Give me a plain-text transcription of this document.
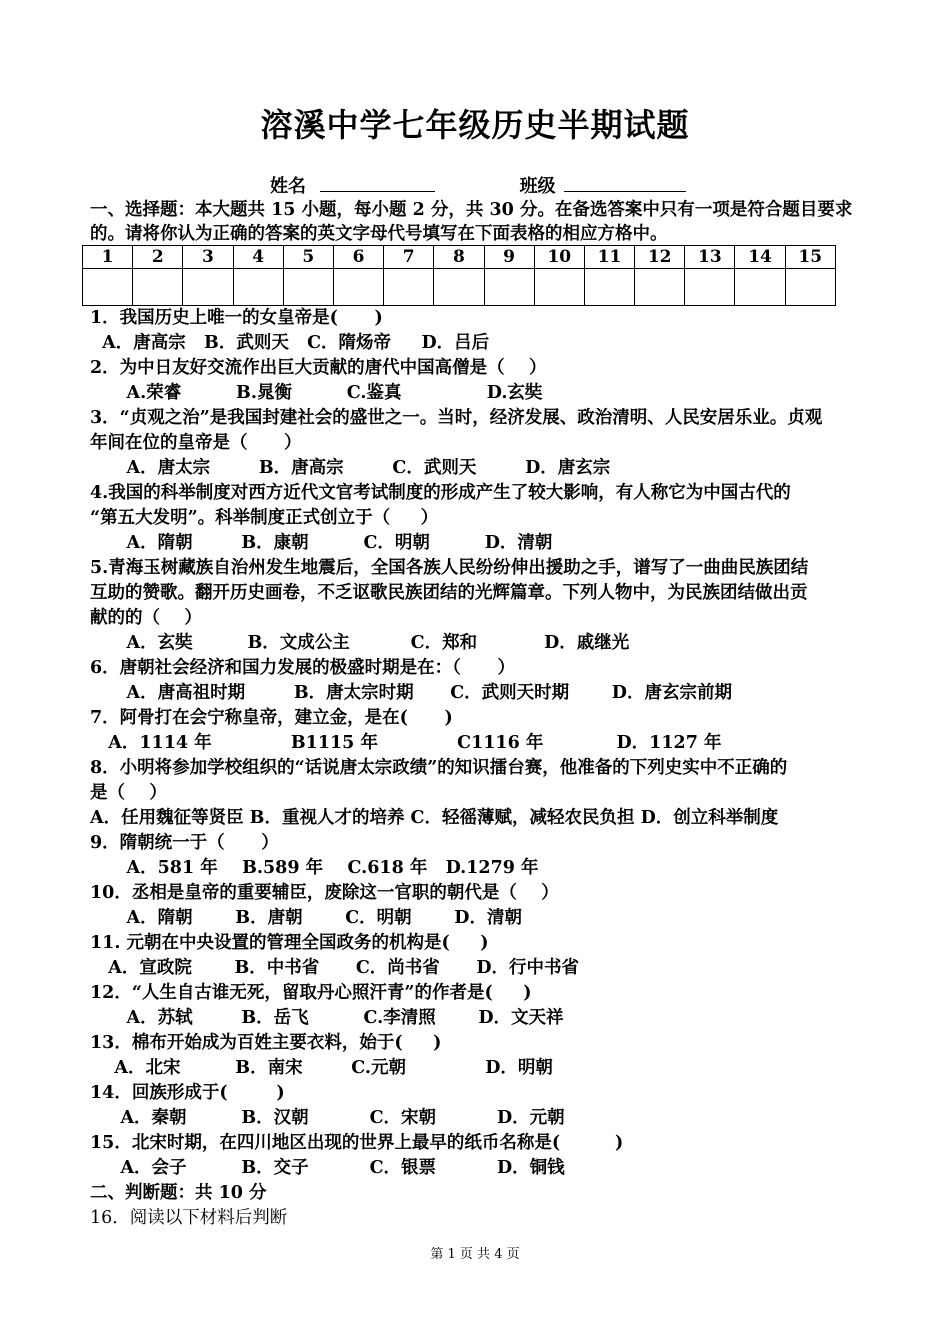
溶溪中学七年级历史半期试题
姓名	班级
一、选择题：本大题共 15 小题，每小题 2 分，共 30 分。在备选答案中只有一项是符合题目要求
的。请将你认为正确的答案的英文字母代号填写在下面表格的相应方格中。
1	2	3	4	5	6	7	8	9	10	11	12	13	14	15

1．我国历史上唯一的女皇帝是(      )
A．唐高宗   B．武则天   C．隋炀帝     D．吕后
2．为中日友好交流作出巨大贡献的唐代中国高僧是（    ）
A.荣睿         B.晁衡         C.鉴真              D.玄奘
3．“贞观之治”是我国封建社会的盛世之一。当时，经济发展、政治清明、人民安居乐业。贞观
年间在位的皇帝是（      ）
A．唐太宗        B．唐高宗        C．武则天        D．唐玄宗
4.我国的科举制度对西方近代文官考试制度的形成产生了较大影响，有人称它为中国古代的
“第五大发明”。科举制度正式创立于（     ）
A．隋朝        B．康朝         C．明朝         D．清朝
5.青海玉树藏族自治州发生地震后，全国各族人民纷纷伸出援助之手，谱写了一曲曲民族团结
互助的赞歌。翻开历史画卷，不乏讴歌民族团结的光辉篇章。下列人物中，为民族团结做出贡
献的的（    ）
A．玄奘         B．文成公主          C．郑和           D．戚继光
6．唐朝社会经济和国力发展的极盛时期是在：（      ）
A．唐高祖时期        B．唐太宗时期      C．武则天时期       D．唐玄宗前期
7．阿骨打在会宁称皇帝，建立金，是在(      )
A．1114 年             B1115 年             C1116 年            D．1127 年
8．小明将参加学校组织的“话说唐太宗政绩”的知识擂台赛，他准备的下列史实中不正确的
是（    ）
A．任用魏征等贤臣 B．重视人才的培养 C．轻徭薄赋，减轻农民负担 D．创立科举制度
9．隋朝统一于（      ）
A．581 年    B.589 年    C.618 年   D.1279 年
10．丞相是皇帝的重要辅臣，废除这一官职的朝代是（    ）
A．隋朝       B．唐朝       C．明朝       D．清朝
11. 元朝在中央设置的管理全国政务的机构是(     )
A．宣政院       B．中书省      C．尚书省      D．行中书省
12．“人生自古谁无死，留取丹心照汗青”的作者是(     )
A．苏轼        B．岳飞         C.李清照       D．文天祥
13．棉布开始成为百姓主要衣料，始于(     )
A．北宋         B．南宋        C.元朝             D．明朝
14．回族形成于(        )
A．秦朝         B．汉朝          C．宋朝          D．元朝
15．北宋时期，在四川地区出现的世界上最早的纸币名称是(         )
A．会子         B．交子          C．银票          D．铜钱
二、判断题：共 10 分
16．阅读以下材料后判断
第 1 页 共 4 页
